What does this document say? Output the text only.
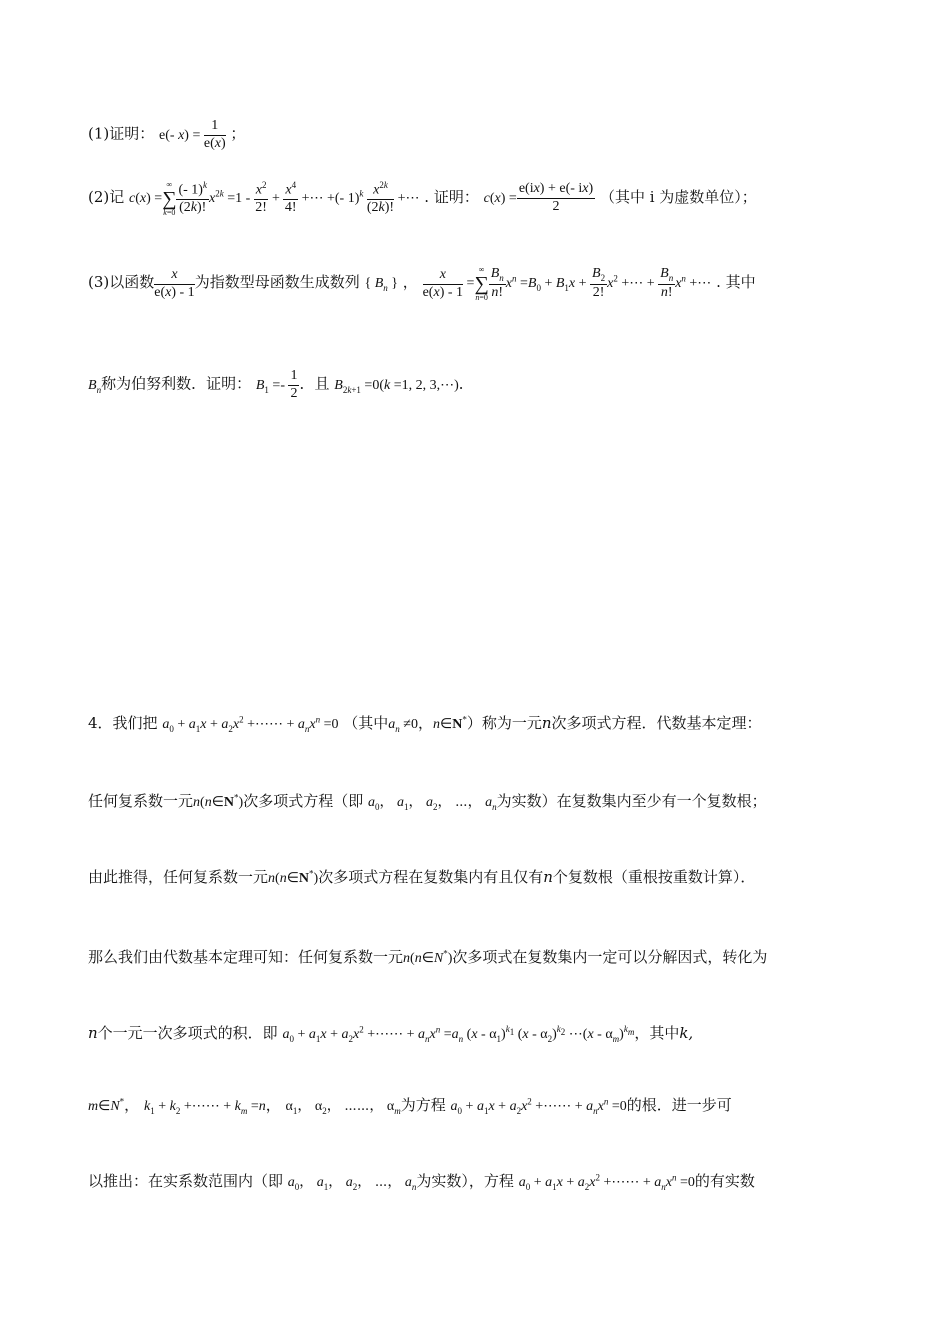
(1)证明： e(- $x) = \frac{1}{e(x)}$ ；
(2)记 c(x) =
∞
∑
$k=0 \frac{(- 1)^k}{(2k)!} x^{2k} =1 - \frac{x^2}{2!} + \frac{x^4}{4!}$ +⋯ +(- $1)^k \frac{x^{2k}}{(2k)!}$ +⋯ . 证明： $c(x) = \frac{e(ix) + e(- ix)}{2}$ （其中 i 为虚数单位）；
(3)以函数 $\frac{x}{e(x) - 1}$ 为指数型母函数生成数列 { $B_n$ } ， $\frac{x}{e(x) - 1}$ =
∞
∑
$n=0 \frac{B_n}{n!} x^n =B_0 + B_1x + \frac{B_2}{2!} x^2$ +⋯ + $\frac{B_n}{n!} x^n$ +⋯ . 其中
$B_n$称为伯努利数．证明： $B_1 =- \frac{1}{2}$ ．且 $B_{2k+1} =0(k =1$, 2, 3,⋯)．
4．我们把 $a_0 + a_1x + a_2x^2$ +⋯⋯ + $a_nx^n =0$ （其中$a_n \ne 0$，n∈N*）称为一元n次多项式方程．代数基本定理：
任何复系数一元n(n∈N*)次多项式方程（即 $a_0$， $a_1$， $a_2$， ⋯， $a_n$为实数）在复数集内至少有一个复数根；
由此推得，任何复系数一元n(n∈N*)次多项式方程在复数集内有且仅有n个复数根（重根按重数计算）．
那么我们由代数基本定理可知：任何复系数一元n(n∈N*)次多项式在复数集内一定可以分解因式，转化为
n个一元一次多项式的积．即 $a_0 + a_1x + a_2x^2$ +⋯⋯ + $a_nx^n =a_n$ $(x - \alpha_1)^{k_1}$ $(x - \alpha_2)^{k_2}$ ⋯(x - $\alpha_m)^{k_m}$，其中k,
m∈N*， $k_1 + k_2$ +⋯⋯ + $k_m =n$， $\alpha_1$， $\alpha_2$， ⋯⋯， $\alpha_m$为方程 $a_0 + a_1x + a_2x^2$ +⋯⋯ + $a_nx^n =0$的根．进一步可
以推出：在实系数范围内（即 $a_0$， $a_1$， $a_2$， ⋯， $a_n$为实数），方程 $a_0 + a_1x + a_2x^2$ +⋯⋯ + $a_nx^n =0$的有实数
